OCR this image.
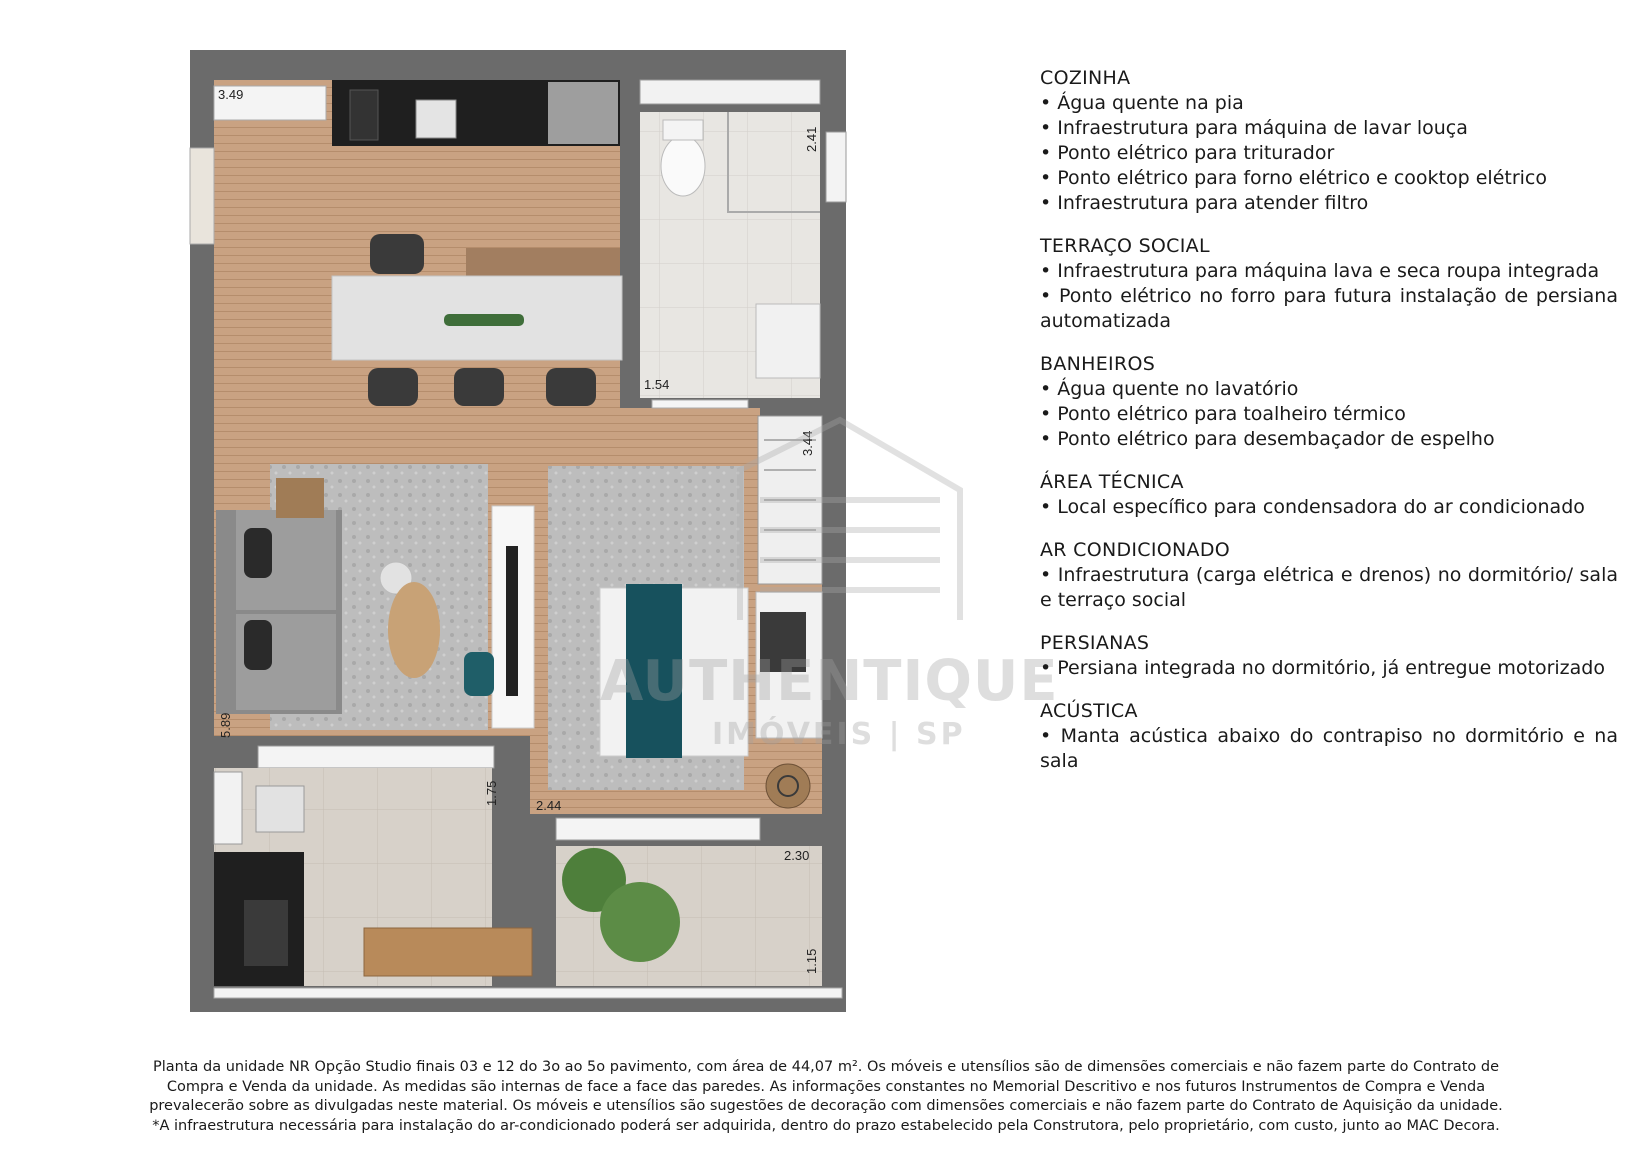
3.49
2.41
1.54
3.44
5.89
1.75	2.44
2.30
1.15
AUTHENTIQUE
IMÓVEIS | SP
COZINHA
• Água quente na pia
• Infraestrutura para máquina de lavar louça
• Ponto elétrico para triturador
• Ponto elétrico para forno elétrico e cooktop elétrico
• Infraestrutura para atender filtro
TERRAÇO SOCIAL
• Infraestrutura para máquina lava e seca roupa integrada
• Ponto elétrico no forro para futura instalação de persiana automatizada
BANHEIROS
• Água quente no lavatório
• Ponto elétrico para toalheiro térmico
• Ponto elétrico para desembaçador de espelho
ÁREA TÉCNICA
• Local específico para condensadora do ar condicionado
AR CONDICIONADO
• Infraestrutura (carga elétrica e drenos) no dormitório/ sala e terraço social
PERSIANAS
• Persiana integrada no dormitório, já entregue motorizado
ACÚSTICA
• Manta acústica abaixo do contrapiso no dormitório e na sala

Planta da unidade NR Opção Studio finais 03 e 12 do 3o ao 5o pavimento, com área de 44,07 m². Os móveis e utensílios são de dimensões comerciais e não fazem parte do Contrato de

Compra e Venda da unidade. As medidas são internas de face a face das paredes. As informações constantes no Memorial Descritivo e nos futuros Instrumentos de Compra e Venda

prevalecerão sobre as divulgadas neste material. Os móveis e utensílios são sugestões de decoração com dimensões comerciais e não fazem parte do Contrato de Aquisição da unidade.

*A infraestrutura necessária para instalação do ar-condicionado poderá ser adquirida, dentro do prazo estabelecido pela Construtora, pelo proprietário, com custo, junto ao MAC Decora.
